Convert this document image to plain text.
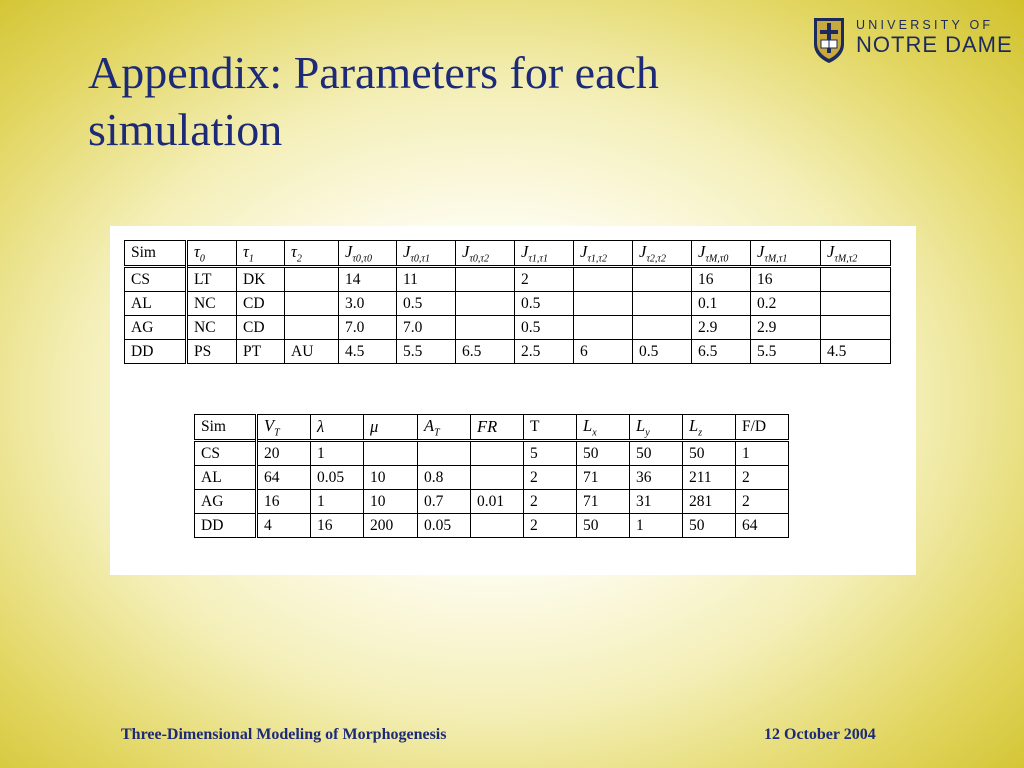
Appendix: Parameters for each simulation
UNIVERSITY OF
NOTRE DAME
Sim	$\tau_0$	$\tau_1$	$\tau_2$	$J_{\tau 0,\tau 0}$	$J_{\tau 0,\tau 1}$	$J_{\tau 0,\tau 2}$	$J_{\tau 1,\tau 1}$	$J_{\tau 1,\tau 2}$	$J_{\tau 2,\tau 2}$	$J_{\tau M,\tau 0}$	$J_{\tau M,\tau 1}$	$J_{\tau M,\tau 2}$
CS	LT	DK		14	11		2			16	16	
AL	NC	CD		3.0	0.5		0.5			0.1	0.2	
AG	NC	CD		7.0	7.0		0.5			2.9	2.9	
DD	PS	PT	AU	4.5	5.5	6.5	2.5	6	0.5	6.5	5.5	4.5
Sim	$V_T$	λ	μ	$A_T$	FR	T	$L_x$	$L_y$	$L_z$	F/D
CS	20	1				5	50	50	50	1
AL	64	0.05	10	0.8		2	71	36	211	2
AG	16	1	10	0.7	0.01	2	71	31	281	2
DD	4	16	200	0.05		2	50	1	50	64
Three-Dimensional Modeling of Morphogenesis	12 October 2004
